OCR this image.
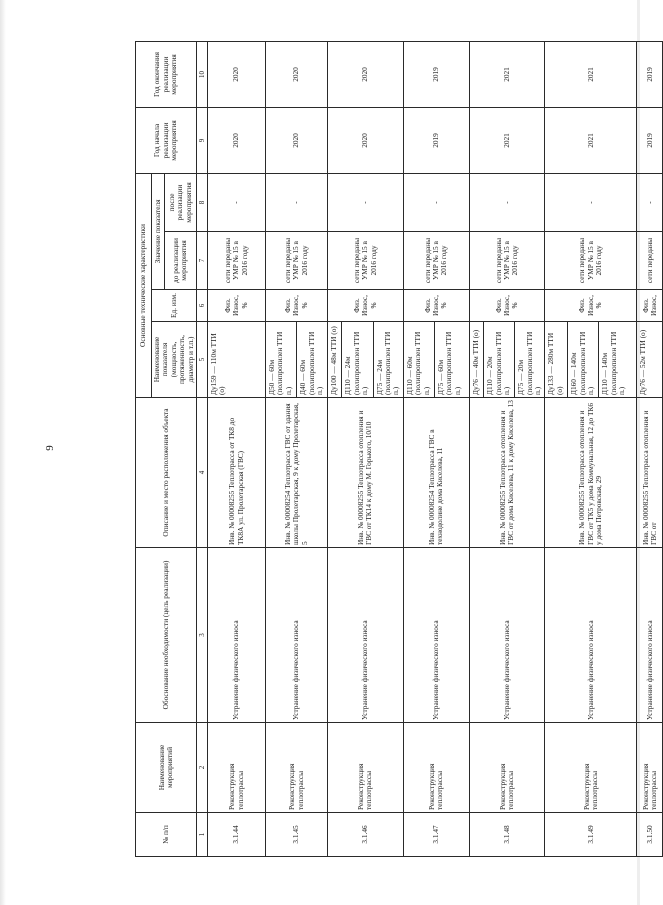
9
№ п/п	Наименование мероприятий	Обоснование необходимости (цель реализации)	Описание и место расположения объекта	Основные технические характеристики				Год начала реализации мероприятия	Год окончания реализации мероприятия
				Наименование показателя (мощность, протяженность, диаметр и т.п.)	Ед. изм.	Значение показателя			
						до реализации мероприятия	после реализации мероприятия		
1	2	3	4	5	6	7	8	9	10
3.1.44	Реконструкция теплотрассы	Устранение физического износа	Инв. № 00008255 Теплотрасса от ТК8 до ТК8А ул. Пролетарская (ГВС)	Ду159 — 110м ТТИ (о)	Физ. Износ, %	сети переданы УМР № 15 в 2016 году	-	2020	2020
3.1.45	Реконструкция теплотрассы	Устранение физического износа	Инв. № 00008254 Теплотрасса ГВС от здания школы Пролетарская, 9 к дому Пролетарская, 5	Д50 — 60м (полипропилен ТТИ п.) Д40 — 60м (полипропилен ТТИ п.)	Физ. Износ, %	сети переданы УМР № 15 в 2016 году	-	2020	2020
3.1.46	Реконструкция теплотрассы	Устранение физического износа	Инв. № 00008255 Теплотрасса отопления и ГВС от ТК14 к дому М. Горького, 10/10	Ду100 — 48м ТТИ (о) Д110 — 24м (полипропилен ТТИ п.) Д75 — 24м (полипропилен ТТИ п.)	Физ. Износ, %	сети переданы УМР № 15 в 2016 году	-	2020	2020
3.1.47	Реконструкция теплотрассы	Устранение физического износа	Инв. № 00008254 Теплотрасса ГВС в технодолине дома Киселева, 11	Д110 — 60м (полипропилен ТТИ п.) Д75 — 60м (полипропилен ТТИ п.)	Физ. Износ, %	сети переданы УМР № 15 в 2016 году	-	2019	2019
3.1.48	Реконструкция теплотрассы	Устранение физического износа	Инв. № 00008255 Теплотрасса отопления и ГВС от дома Киселева, 11 к дому Киселева, 13	Ду76 — 40м ТТИ (о) Д110 — 20м (полипропилен ТТИ п.) Д75 — 20м (полипропилен ТТИ п.)	Физ. Износ, %	сети переданы УМР № 15 в 2016 году	-	2021	2021
3.1.49	Реконструкция теплотрассы	Устранение физического износа	Инв. № 00008255 Теплотрасса отопления и ГВС от ТК5 у дома Коммунальная, 12 до ТК6 у дома Петровская, 29	Ду133 — 280м ТТИ (о) Д160 — 140м (полипропилен ТТИ п.) Д110 — 140м (полипропилен ТТИ п.)	Физ. Износ, %	сети переданы УМР № 15 в 2016 году	-	2021	2021
3.1.50	Реконструкция теплотрассы	Устранение физического износа	Инв. № 00008255 Теплотрасса отопления и ГВС от	Ду76 — 52м ТТИ (о)	Физ. Износ,	сети переданы	-	2019	2019
